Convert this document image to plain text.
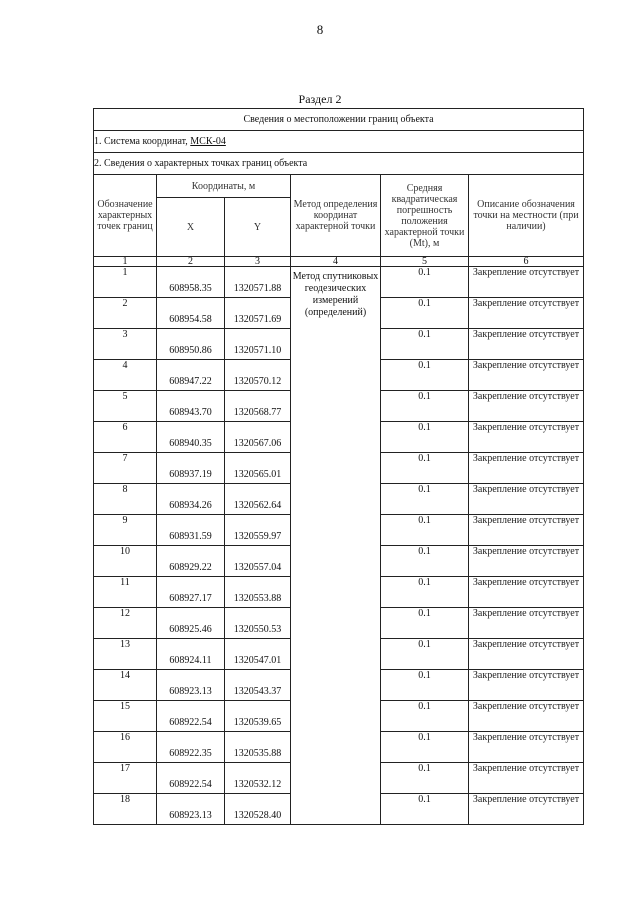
8
Раздел 2
Сведения о местоположении границ объекта					
1. Система координат, МСК-04					
2. Сведения о характерных точках границ объекта					
Обозначение характерных точек границ	Координаты, м		Метод определения координат характерной точки	Средняя квадратическая погрешность положения характерной точки (Mt), м	Описание обозначения точки на местности (при наличии)
	X	Y			
1	2	3	4	5	6
1	608958.35	1320571.88	Метод спутниковых геодезических измерений (определений)	0.1	Закрепление отсутствует
2	608954.58	1320571.69		0.1	Закрепление отсутствует
3	608950.86	1320571.10		0.1	Закрепление отсутствует
4	608947.22	1320570.12		0.1	Закрепление отсутствует
5	608943.70	1320568.77		0.1	Закрепление отсутствует
6	608940.35	1320567.06		0.1	Закрепление отсутствует
7	608937.19	1320565.01		0.1	Закрепление отсутствует
8	608934.26	1320562.64		0.1	Закрепление отсутствует
9	608931.59	1320559.97		0.1	Закрепление отсутствует
10	608929.22	1320557.04		0.1	Закрепление отсутствует
11	608927.17	1320553.88		0.1	Закрепление отсутствует
12	608925.46	1320550.53		0.1	Закрепление отсутствует
13	608924.11	1320547.01		0.1	Закрепление отсутствует
14	608923.13	1320543.37		0.1	Закрепление отсутствует
15	608922.54	1320539.65		0.1	Закрепление отсутствует
16	608922.35	1320535.88		0.1	Закрепление отсутствует
17	608922.54	1320532.12		0.1	Закрепление отсутствует
18	608923.13	1320528.40		0.1	Закрепление отсутствует
